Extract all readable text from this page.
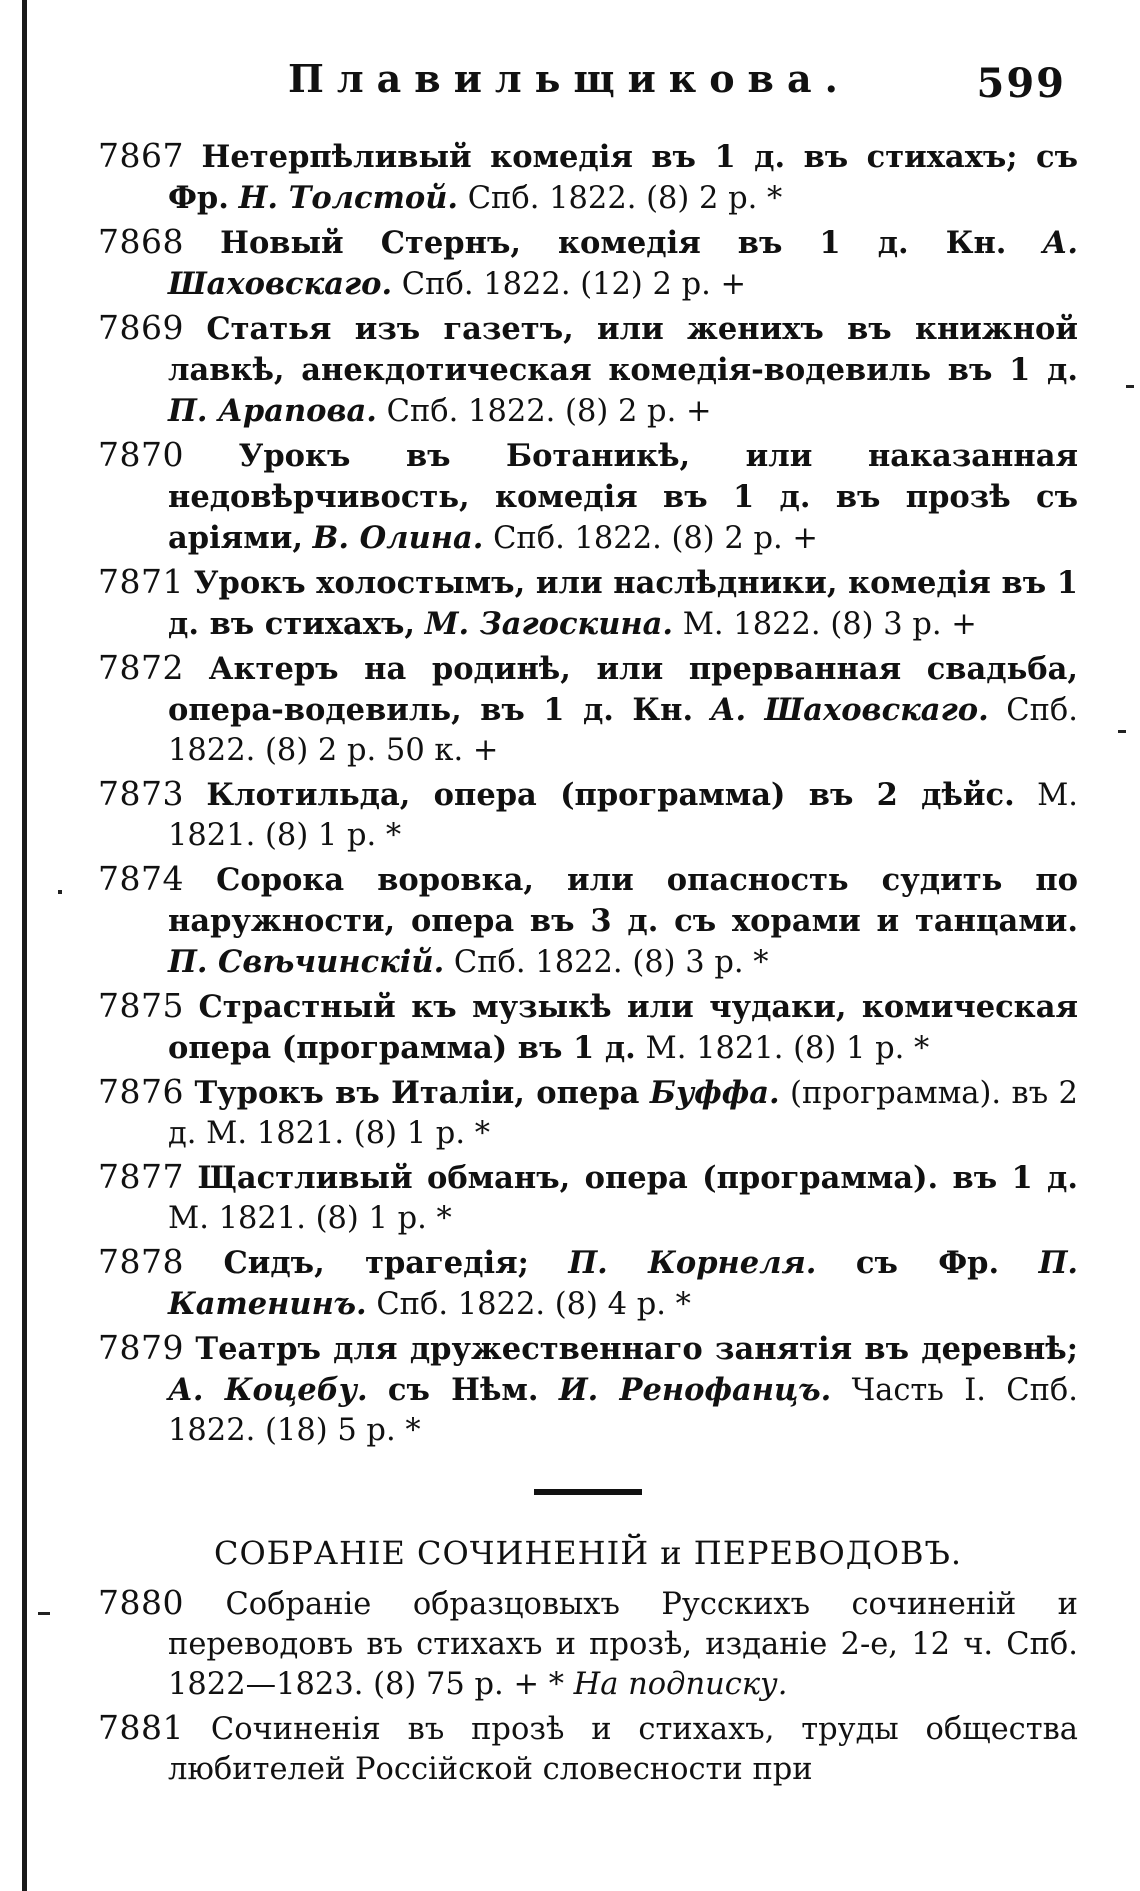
Плавильщикова.	599

7867 Нетерпѣливый комедія въ 1 д. въ стихахъ; съ Фр. Н. Толстой. Спб. 1822. (8) 2 р. *

7868 Новый Стернъ, комедія въ 1 д. Кн. А. Шаховскаго. Спб. 1822. (12) 2 р. +

7869 Статья изъ газетъ, или женихъ въ книжной лавкѣ, анекдотическая комедія-водевиль въ 1 д. П. Арапова. Спб. 1822. (8) 2 р. +

7870 Урокъ въ Ботаникѣ, или наказанная недовѣрчивость, комедія въ 1 д. въ прозѣ съ аріями, В. Олина. Спб. 1822. (8) 2 р. +

7871 Урокъ холостымъ, или наслѣдники, комедія въ 1 д. въ стихахъ, М. Загоскина. М. 1822. (8) 3 р. +

7872 Актеръ на родинѣ, или прерванная свадьба, опера-водевиль, въ 1 д. Кн. А. Шаховскаго. Спб. 1822. (8) 2 р. 50 к. +

7873 Клотильда, опера (программа) въ 2 дѣйс. М. 1821. (8) 1 р. *

7874 Сорока воровка, или опасность судить по наружности, опера въ 3 д. съ хорами и танцами. П. Свѣчинскій. Спб. 1822. (8) 3 р. *

7875 Страстный къ музыкѣ или чудаки, комическая опера (программа) въ 1 д. М. 1821. (8) 1 р. *

7876 Турокъ въ Италіи, опера Буффа. (программа). въ 2 д. М. 1821. (8) 1 р. *

7877 Щастливый обманъ, опера (программа). въ 1 д. М. 1821. (8) 1 р. *

7878 Сидъ, трагедія; П. Корнеля. съ Фр. П. Катенинъ. Спб. 1822. (8) 4 р. *

7879 Театръ для дружественнаго занятія въ деревнѣ; А. Коцебу. съ Нѣм. И. Ренофанцъ. Часть I. Спб. 1822. (18) 5 р. *

СОБРАНІЕ СОЧИНЕНІЙ и ПЕРЕВОДОВЪ.

7880 Собраніе образцовыхъ Русскихъ сочиненій и переводовъ въ стихахъ и прозѣ, изданіе 2-е, 12 ч. Спб. 1822—1823. (8) 75 р. + * На подписку.

7881 Сочиненія въ прозѣ и стихахъ, труды общества любителей Россійской словесности при
